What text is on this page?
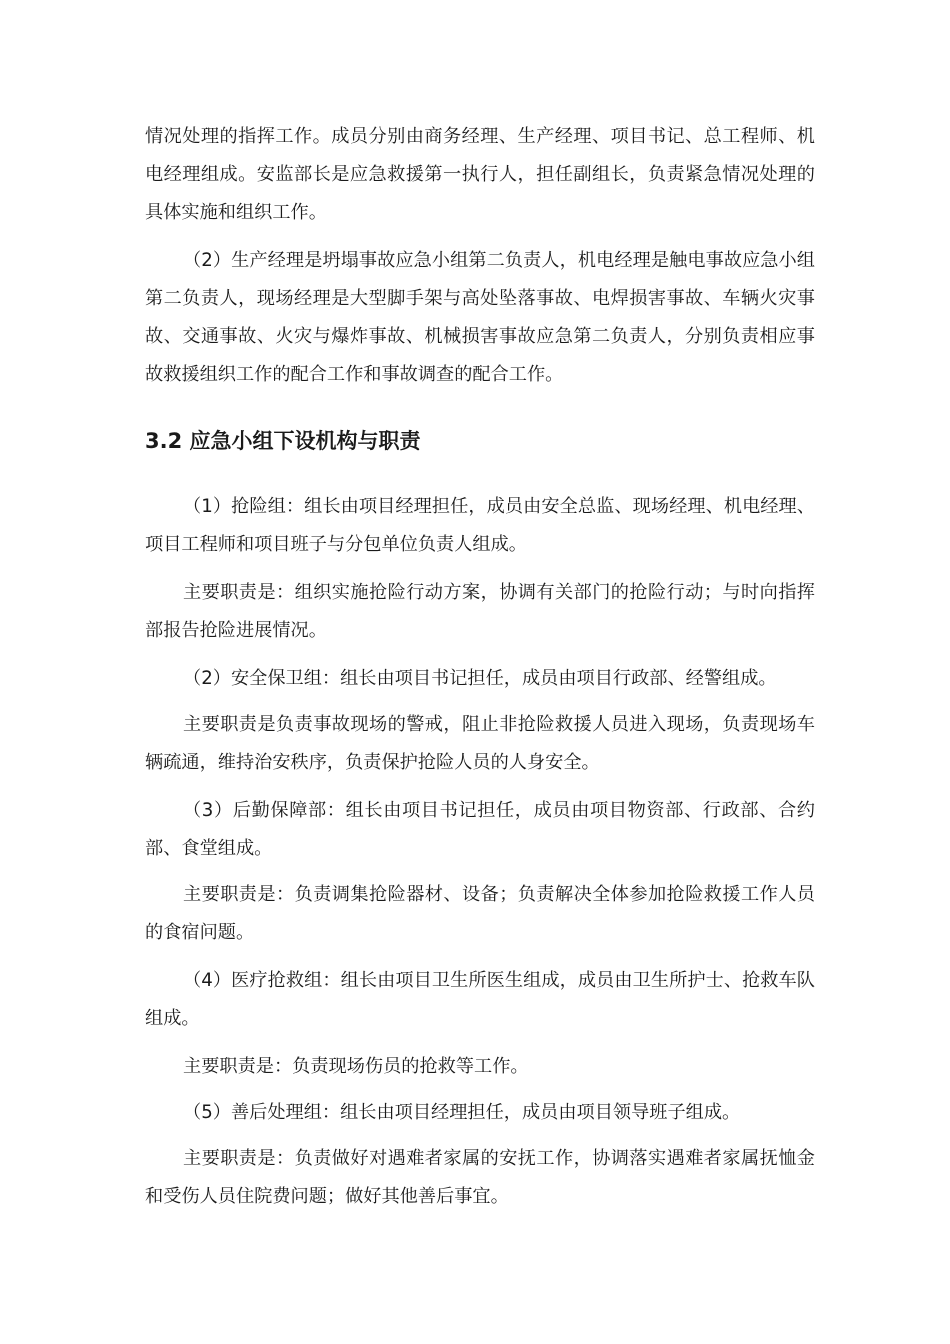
情况处理的指挥工作。成员分别由商务经理、生产经理、项目书记、总工程师、机电经理组成。安监部长是应急救援第一执行人，担任副组长，负责紧急情况处理的具体实施和组织工作。

（2）生产经理是坍塌事故应急小组第二负责人，机电经理是触电事故应急小组第二负责人，现场经理是大型脚手架与高处坠落事故、电焊损害事故、车辆火灾事故、交通事故、火灾与爆炸事故、机械损害事故应急第二负责人，分别负责相应事故救援组织工作的配合工作和事故调查的配合工作。

3.2 应急小组下设机构与职责

（1）抢险组：组长由项目经理担任，成员由安全总监、现场经理、机电经理、项目工程师和项目班子与分包单位负责人组成。

主要职责是：组织实施抢险行动方案，协调有关部门的抢险行动；与时向指挥部报告抢险进展情况。

（2）安全保卫组：组长由项目书记担任，成员由项目行政部、经警组成。

主要职责是负责事故现场的警戒，阻止非抢险救援人员进入现场，负责现场车辆疏通，维持治安秩序，负责保护抢险人员的人身安全。

（3）后勤保障部：组长由项目书记担任，成员由项目物资部、行政部、合约部、食堂组成。

主要职责是：负责调集抢险器材、设备；负责解决全体参加抢险救援工作人员的食宿问题。

（4）医疗抢救组：组长由项目卫生所医生组成，成员由卫生所护士、抢救车队组成。

主要职责是：负责现场伤员的抢救等工作。

（5）善后处理组：组长由项目经理担任，成员由项目领导班子组成。

主要职责是：负责做好对遇难者家属的安抚工作，协调落实遇难者家属抚恤金和受伤人员住院费问题；做好其他善后事宜。
